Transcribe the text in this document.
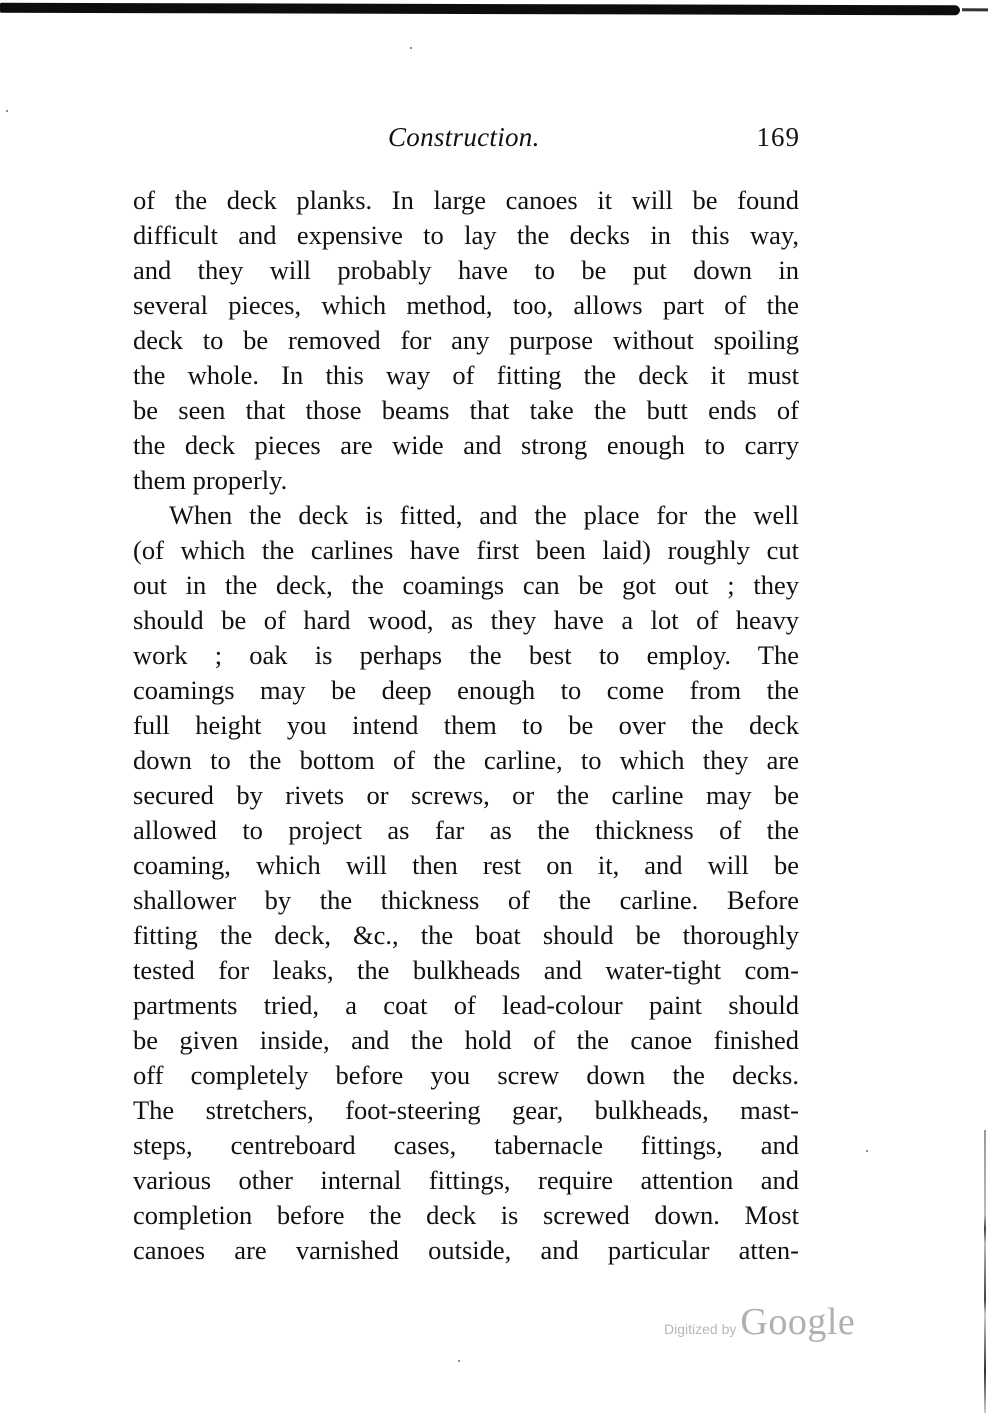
Construction.	169
of the deck planks. In large canoes it will be found
difficult and expensive to lay the decks in this way,
and they will probably have to be put down in
several pieces, which method, too, allows part of the
deck to be removed for any purpose without spoiling
the whole. In this way of fitting the deck it must
be seen that those beams that take the butt ends of
the deck pieces are wide and strong enough to carry
them properly.
When the deck is fitted, and the place for the well
(of which the carlines have first been laid) roughly cut
out in the deck, the coamings can be got out ; they
should be of hard wood, as they have a lot of heavy
work ; oak is perhaps the best to employ. The
coamings may be deep enough to come from the
full height you intend them to be over the deck
down to the bottom of the carline, to which they are
secured by rivets or screws, or the carline may be
allowed to project as far as the thickness of the
coaming, which will then rest on it, and will be
shallower by the thickness of the carline. Before
fitting the deck, &c., the boat should be thoroughly
tested for leaks, the bulkheads and water-tight com-
partments tried, a coat of lead-colour paint should
be given inside, and the hold of the canoe finished
off completely before you screw down the decks.
The stretchers, foot-steering gear, bulkheads, mast-
steps, centreboard cases, tabernacle fittings, and
various other internal fittings, require attention and
completion before the deck is screwed down. Most
canoes are varnished outside, and particular atten-
Digitized by Google
